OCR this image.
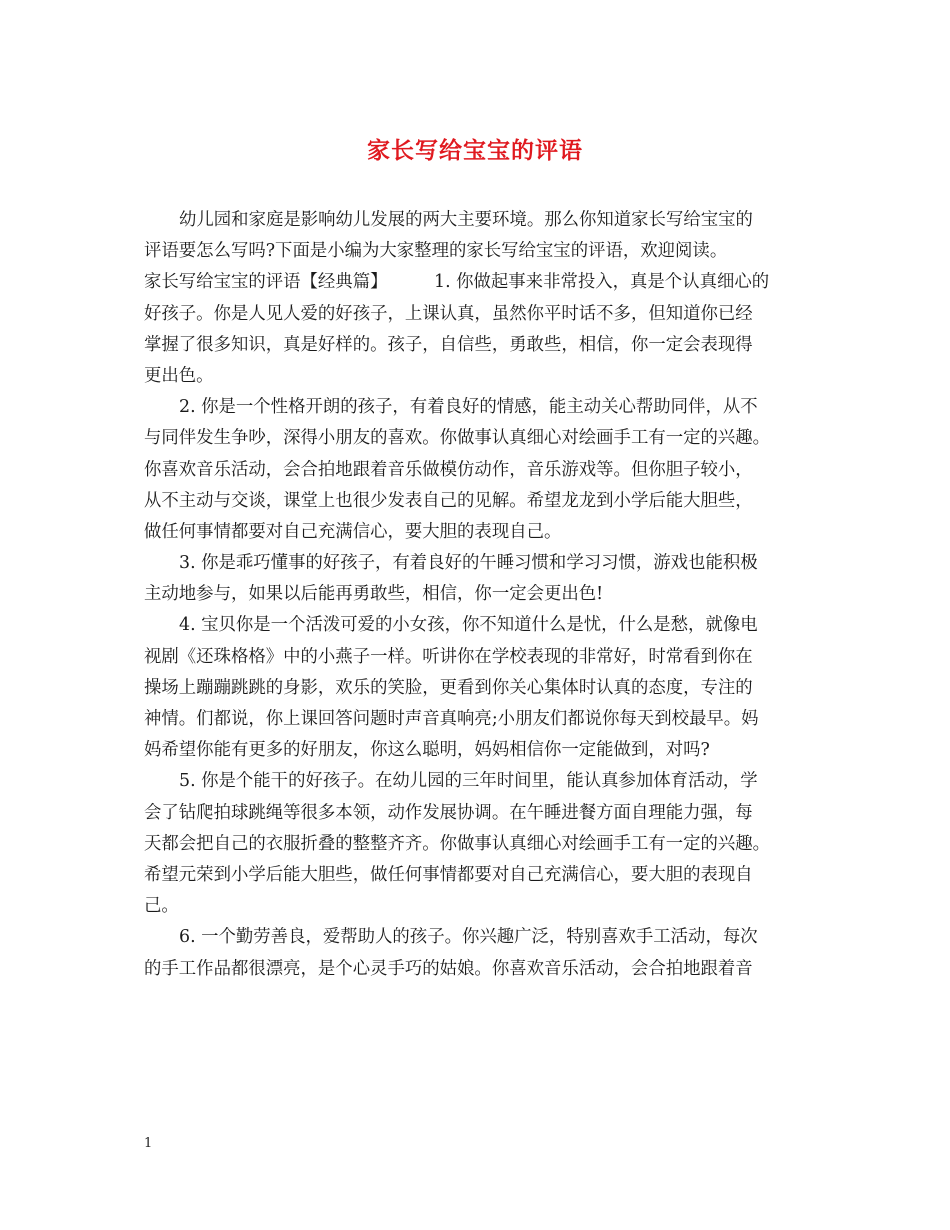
家长写给宝宝的评语
幼儿园和家庭是影响幼儿发展的两大主要环境。那么你知道家长写给宝宝的
评语要怎么写吗?下面是小编为大家整理的家长写给宝宝的评语，欢迎阅读。
家长写给宝宝的评语【经典篇】	1. 你做起事来非常投入，真是个认真细心的
好孩子。你是人见人爱的好孩子，上课认真，虽然你平时话不多，但知道你已经
掌握了很多知识，真是好样的。孩子，自信些，勇敢些，相信，你一定会表现得
更出色。
2. 你是一个性格开朗的孩子，有着良好的情感，能主动关心帮助同伴，从不
与同伴发生争吵，深得小朋友的喜欢。你做事认真细心对绘画手工有一定的兴趣。
你喜欢音乐活动，会合拍地跟着音乐做模仿动作，音乐游戏等。但你胆子较小，
从不主动与交谈，课堂上也很少发表自己的见解。希望龙龙到小学后能大胆些，
做任何事情都要对自己充满信心，要大胆的表现自己。
3. 你是乖巧懂事的好孩子，有着良好的午睡习惯和学习习惯，游戏也能积极
主动地参与，如果以后能再勇敢些，相信，你一定会更出色!
4. 宝贝你是一个活泼可爱的小女孩，你不知道什么是忧，什么是愁，就像电
视剧《还珠格格》中的小燕子一样。听讲你在学校表现的非常好，时常看到你在
操场上蹦蹦跳跳的身影，欢乐的笑脸，更看到你关心集体时认真的态度，专注的
神情。们都说，你上课回答问题时声音真响亮;小朋友们都说你每天到校最早。妈
妈希望你能有更多的好朋友，你这么聪明，妈妈相信你一定能做到，对吗?
5. 你是个能干的好孩子。在幼儿园的三年时间里，能认真参加体育活动，学
会了钻爬拍球跳绳等很多本领，动作发展协调。在午睡进餐方面自理能力强，每
天都会把自己的衣服折叠的整整齐齐。你做事认真细心对绘画手工有一定的兴趣。
希望元荣到小学后能大胆些，做任何事情都要对自己充满信心，要大胆的表现自
己。
6. 一个勤劳善良，爱帮助人的孩子。你兴趣广泛，特别喜欢手工活动，每次
的手工作品都很漂亮，是个心灵手巧的姑娘。你喜欢音乐活动，会合拍地跟着音
1
